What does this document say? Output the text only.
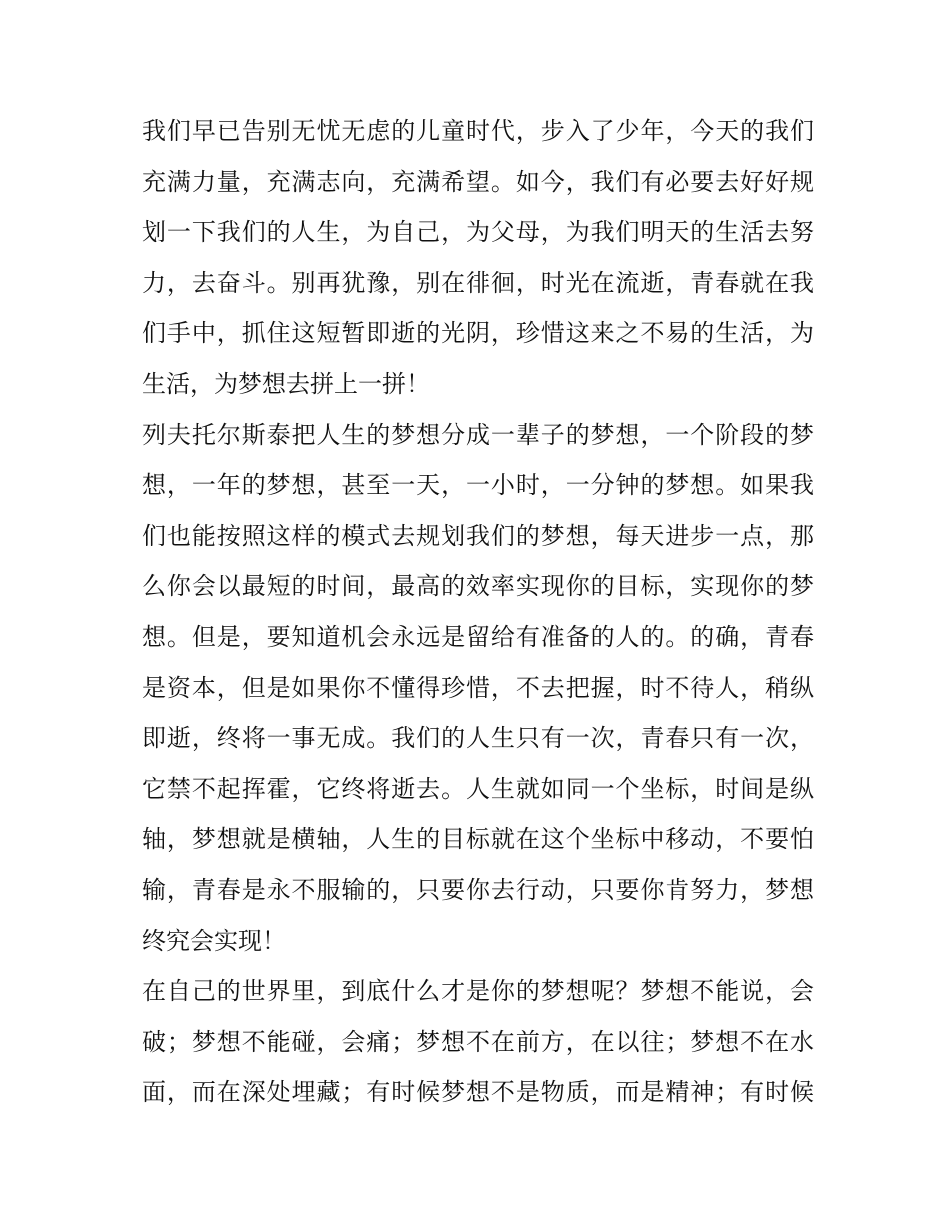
我们早已告别无忧无虑的儿童时代，步入了少年，今天的我们
充满力量，充满志向，充满希望。如今，我们有必要去好好规
划一下我们的人生，为自己，为父母，为我们明天的生活去努
力，去奋斗。别再犹豫，别在徘徊，时光在流逝，青春就在我
们手中，抓住这短暂即逝的光阴，珍惜这来之不易的生活，为
生活，为梦想去拼上一拼！
列夫托尔斯泰把人生的梦想分成一辈子的梦想，一个阶段的梦
想，一年的梦想，甚至一天，一小时，一分钟的梦想。如果我
们也能按照这样的模式去规划我们的梦想，每天进步一点，那
么你会以最短的时间，最高的效率实现你的目标，实现你的梦
想。但是，要知道机会永远是留给有准备的人的。的确，青春
是资本，但是如果你不懂得珍惜，不去把握，时不待人，稍纵
即逝，终将一事无成。我们的人生只有一次，青春只有一次，
它禁不起挥霍，它终将逝去。人生就如同一个坐标，时间是纵
轴，梦想就是横轴，人生的目标就在这个坐标中移动，不要怕
输，青春是永不服输的，只要你去行动，只要你肯努力，梦想
终究会实现！
在自己的世界里，到底什么才是你的梦想呢？梦想不能说，会
破；梦想不能碰，会痛；梦想不在前方，在以往；梦想不在水
面，而在深处埋藏；有时候梦想不是物质，而是精神；有时候
